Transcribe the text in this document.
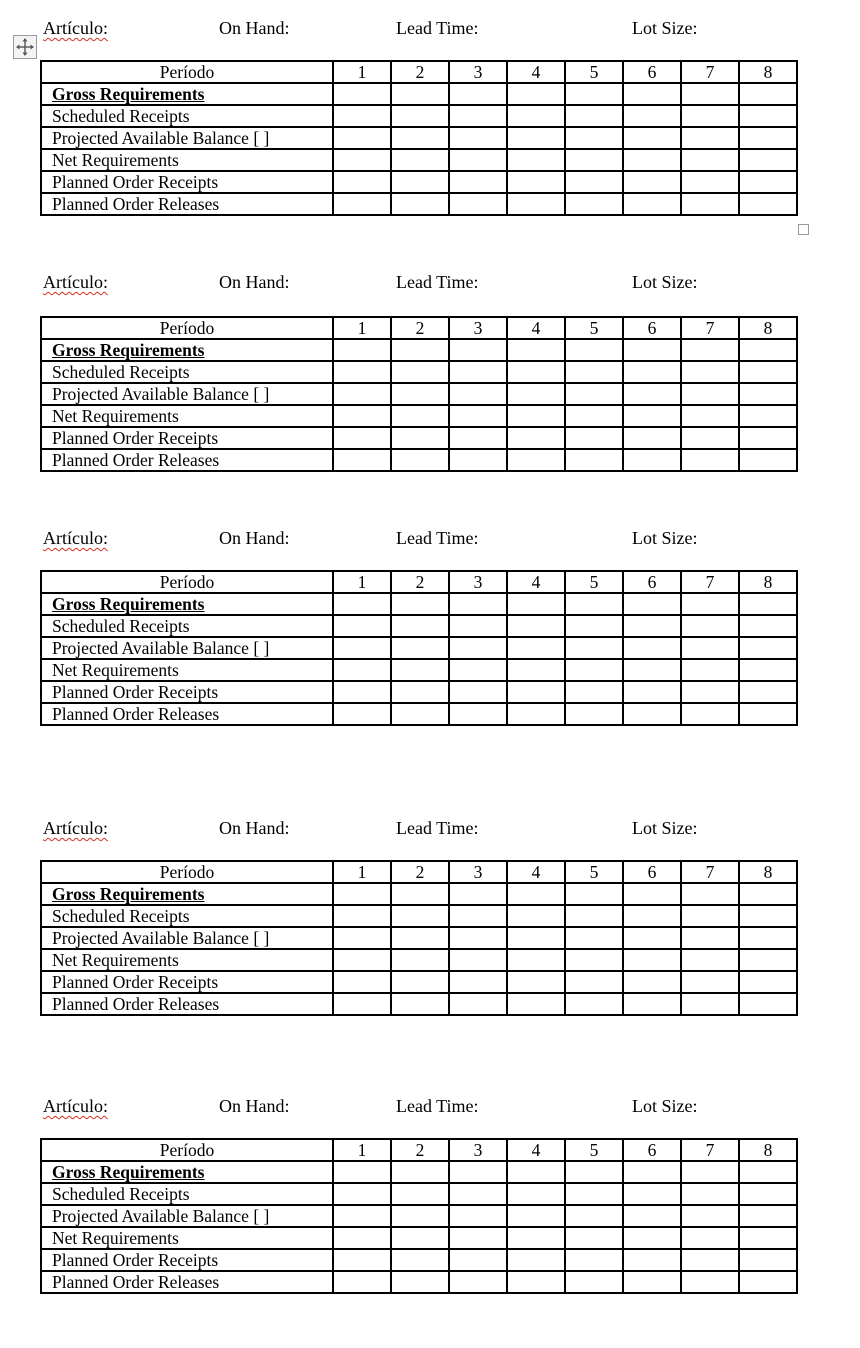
Artículo:	On Hand:	Lead Time:	Lot Size:
Período	1	2	3	4	5	6	7	8
Gross Requirements								
Scheduled Receipts								
Projected Available Balance [ ]								
Net Requirements								
Planned Order Receipts								
Planned Order Releases								
Artículo:	On Hand:	Lead Time:	Lot Size:
Período	1	2	3	4	5	6	7	8
Gross Requirements								
Scheduled Receipts								
Projected Available Balance [ ]								
Net Requirements								
Planned Order Receipts								
Planned Order Releases								
Artículo:	On Hand:	Lead Time:	Lot Size:
Período	1	2	3	4	5	6	7	8
Gross Requirements								
Scheduled Receipts								
Projected Available Balance [ ]								
Net Requirements								
Planned Order Receipts								
Planned Order Releases								
Artículo:	On Hand:	Lead Time:	Lot Size:
Período	1	2	3	4	5	6	7	8
Gross Requirements								
Scheduled Receipts								
Projected Available Balance [ ]								
Net Requirements								
Planned Order Receipts								
Planned Order Releases								
Artículo:	On Hand:	Lead Time:	Lot Size:
Período	1	2	3	4	5	6	7	8
Gross Requirements								
Scheduled Receipts								
Projected Available Balance [ ]								
Net Requirements								
Planned Order Receipts								
Planned Order Releases								
